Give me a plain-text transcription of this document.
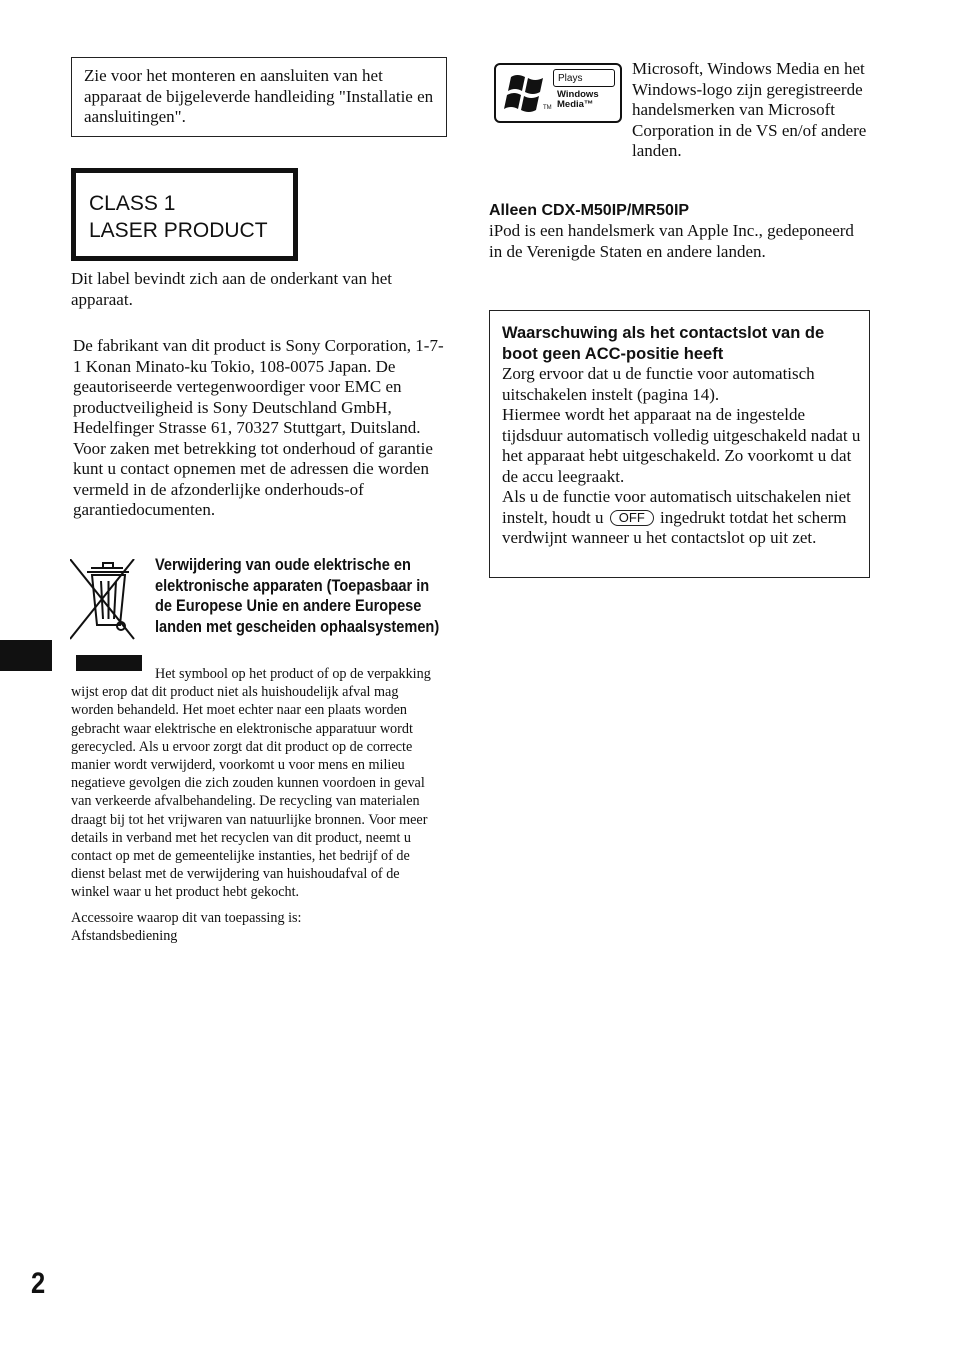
Zie voor het monteren en aansluiten van het apparaat de bijgeleverde handleiding "Installatie en aansluitingen".

CLASS 1
LASER PRODUCT

Dit label bevindt zich aan de onderkant van het apparaat.

De fabrikant van dit product is Sony Corporation, 1-7-1 Konan Minato-ku Tokio, 108-0075 Japan. De geautoriseerde vertegenwoordiger voor EMC en productveiligheid is Sony Deutschland GmbH, Hedelfinger Strasse 61, 70327 Stuttgart, Duitsland. Voor zaken met betrekking tot onderhoud of garantie kunt u contact opnemen met de adressen die worden vermeld in de afzonderlijke onderhouds-of garantiedocumenten.

Verwijdering van oude elektrische en elektronische apparaten (Toepasbaar in de Europese Unie en andere Europese landen met gescheiden ophaalsystemen)

Het symbool op het product of op de verpakking wijst erop dat dit product niet als huishoudelijk afval mag worden behandeld. Het moet echter naar een plaats worden gebracht waar elektrische en elektronische apparatuur wordt gerecycled. Als u ervoor zorgt dat dit product op de correcte manier wordt verwijderd, voorkomt u voor mens en milieu negatieve gevolgen die zich zouden kunnen voordoen in geval van verkeerde afvalbehandeling. De recycling van materialen draagt bij tot het vrijwaren van natuurlijke bronnen. Voor meer details in verband met het recyclen van dit product, neemt u contact op met de gemeentelijke instanties, het bedrijf of de dienst belast met de verwijdering van huishoudafval of de winkel waar u het product hebt gekocht.

Accessoire waarop dit van toepassing is: Afstandsbediening

Plays
Windows
Media™
TM

Microsoft, Windows Media en het Windows-logo zijn geregistreerde handelsmerken van Microsoft Corporation in de VS en/of andere landen.

Alleen CDX-M50IP/MR50IP

iPod is een handelsmerk van Apple Inc., gedeponeerd in de Verenigde Staten en andere landen.

Waarschuwing als het contactslot van de boot geen ACC-positie heeft

Zorg ervoor dat u de functie voor automatisch uitschakelen instelt (pagina 14).

Hiermee wordt het apparaat na de ingestelde tijdsduur automatisch volledig uitgeschakeld nadat u het apparaat hebt uitgeschakeld. Zo voorkomt u dat de accu leegraakt.

Als u de functie voor automatisch uitschakelen niet instelt, houdt u OFF ingedrukt totdat het scherm verdwijnt wanneer u het contactslot op uit zet.

2
